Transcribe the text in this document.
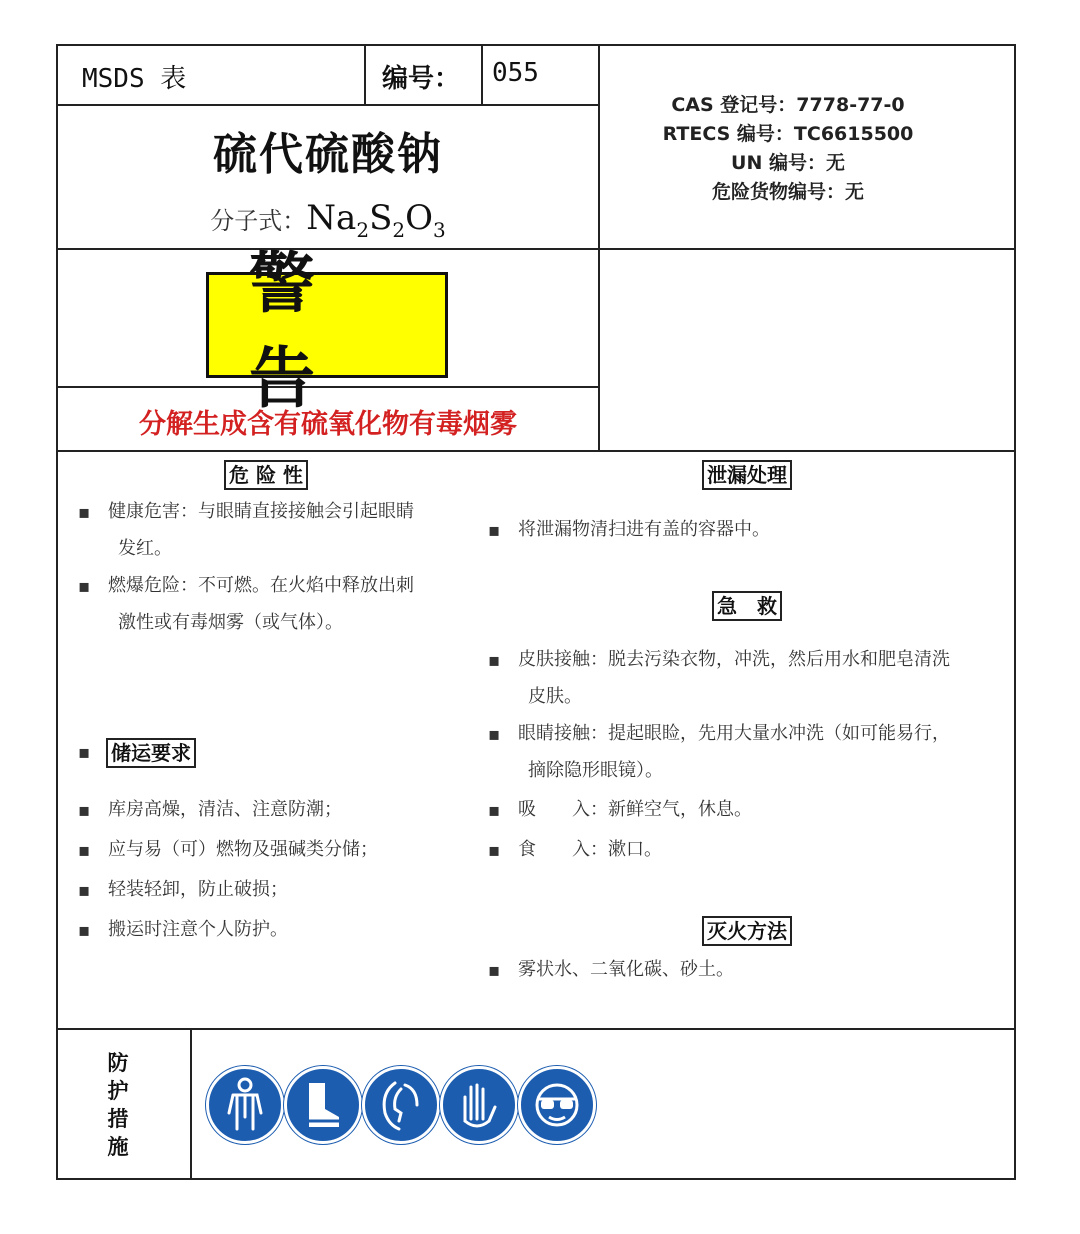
MSDS 表	编号： 055
硫代硫酸钠
分子式：$Na_2S_2O_3$
CAS 登记号：7778-77-0
RTECS 编号：TC6615500
UN 编号：无
危险货物编号：无
警 告
分解生成含有硫氧化物有毒烟雾
危 险 性
▪ 健康危害：与眼睛直接接触会引起眼睛
发红。
▪ 燃爆危险：不可燃。在火焰中释放出刺
激性或有毒烟雾（或气体）。
▪ 储运要求
▪ 库房高燥，清洁、注意防潮；
▪ 应与易（可）燃物及强碱类分储；
▪ 轻装轻卸，防止破损；
▪ 搬运时注意个人防护。
泄漏处理
▪ 将泄漏物清扫进有盖的容器中。
急　救
▪ 皮肤接触：脱去污染衣物，冲洗，然后用水和肥皂清洗
皮肤。
▪ 眼睛接触：提起眼睑，先用大量水冲洗（如可能易行，
摘除隐形眼镜）。
▪ 吸　　入：新鲜空气，休息。
▪ 食　　入：漱口。
灭火方法
▪ 雾状水、二氧化碳、砂土。
防
护
措
施
